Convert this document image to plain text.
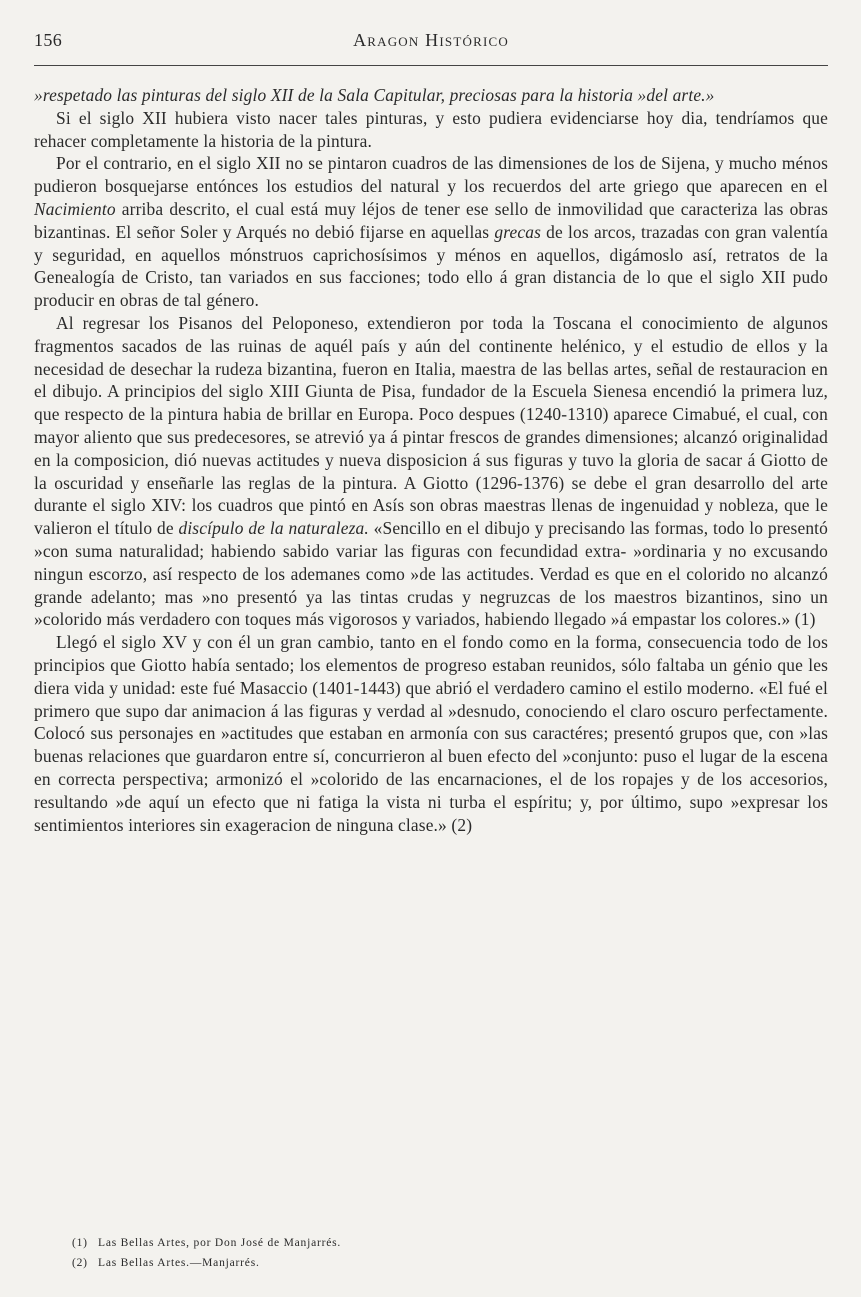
156	Aragon Histórico

»respetado las pinturas del siglo XII de la Sala Capitular, preciosas para la historia »del arte.»

Si el siglo XII hubiera visto nacer tales pinturas, y esto pudiera evidenciarse hoy dia, tendríamos que rehacer completamente la historia de la pintura.

Por el contrario, en el siglo XII no se pintaron cuadros de las dimensiones de los de Sijena, y mucho ménos pudieron bosquejarse entónces los estudios del natural y los recuerdos del arte griego que aparecen en el Nacimiento arriba descrito, el cual está muy léjos de tener ese sello de inmovilidad que caracteriza las obras bizantinas. El señor Soler y Arqués no debió fijarse en aquellas grecas de los arcos, trazadas con gran valentía y seguridad, en aquellos mónstruos caprichosísimos y ménos en aquellos, digámoslo así, retratos de la Genealogía de Cristo, tan variados en sus facciones; todo ello á gran distancia de lo que el siglo XII pudo producir en obras de tal género.

Al regresar los Pisanos del Peloponeso, extendieron por toda la Toscana el conocimiento de algunos fragmentos sacados de las ruinas de aquél país y aún del continente helénico, y el estudio de ellos y la necesidad de desechar la rudeza bizantina, fueron en Italia, maestra de las bellas artes, señal de restauracion en el dibujo. A principios del siglo XIII Giunta de Pisa, fundador de la Escuela Sienesa encendió la primera luz, que respecto de la pintura habia de brillar en Europa. Poco despues (1240-1310) aparece Cimabué, el cual, con mayor aliento que sus predecesores, se atrevió ya á pintar frescos de grandes dimensiones; alcanzó originalidad en la composicion, dió nuevas actitudes y nueva disposicion á sus figuras y tuvo la gloria de sacar á Giotto de la oscuridad y enseñarle las reglas de la pintura. A Giotto (1296-1376) se debe el gran desarrollo del arte durante el siglo XIV: los cuadros que pintó en Asís son obras maestras llenas de ingenuidad y nobleza, que le valieron el título de discípulo de la naturaleza. «Sencillo en el dibujo y precisando las formas, todo lo presentó »con suma naturalidad; habiendo sabido variar las figuras con fecundidad extra- »ordinaria y no excusando ningun escorzo, así respecto de los ademanes como »de las actitudes. Verdad es que en el colorido no alcanzó grande adelanto; mas »no presentó ya las tintas crudas y negruzcas de los maestros bizantinos, sino un »colorido más verdadero con toques más vigorosos y variados, habiendo llegado »á empastar los colores.» (1)

Llegó el siglo XV y con él un gran cambio, tanto en el fondo como en la forma, consecuencia todo de los principios que Giotto había sentado; los elementos de progreso estaban reunidos, sólo faltaba un génio que les diera vida y unidad: este fué Masaccio (1401-1443) que abrió el verdadero camino el estilo moderno. «El fué el primero que supo dar animacion á las figuras y verdad al »desnudo, conociendo el claro oscuro perfectamente. Colocó sus personajes en »actitudes que estaban en armonía con sus caractéres; presentó grupos que, con »las buenas relaciones que guardaron entre sí, concurrieron al buen efecto del »conjunto: puso el lugar de la escena en correcta perspectiva; armonizó el »colorido de las encarnaciones, el de los ropajes y de los accesorios, resultando »de aquí un efecto que ni fatiga la vista ni turba el espíritu; y, por último, supo »expresar los sentimientos interiores sin exageracion de ninguna clase.» (2)

(1) Las Bellas Artes, por Don José de Manjarrés.
(2) Las Bellas Artes.—Manjarrés.
